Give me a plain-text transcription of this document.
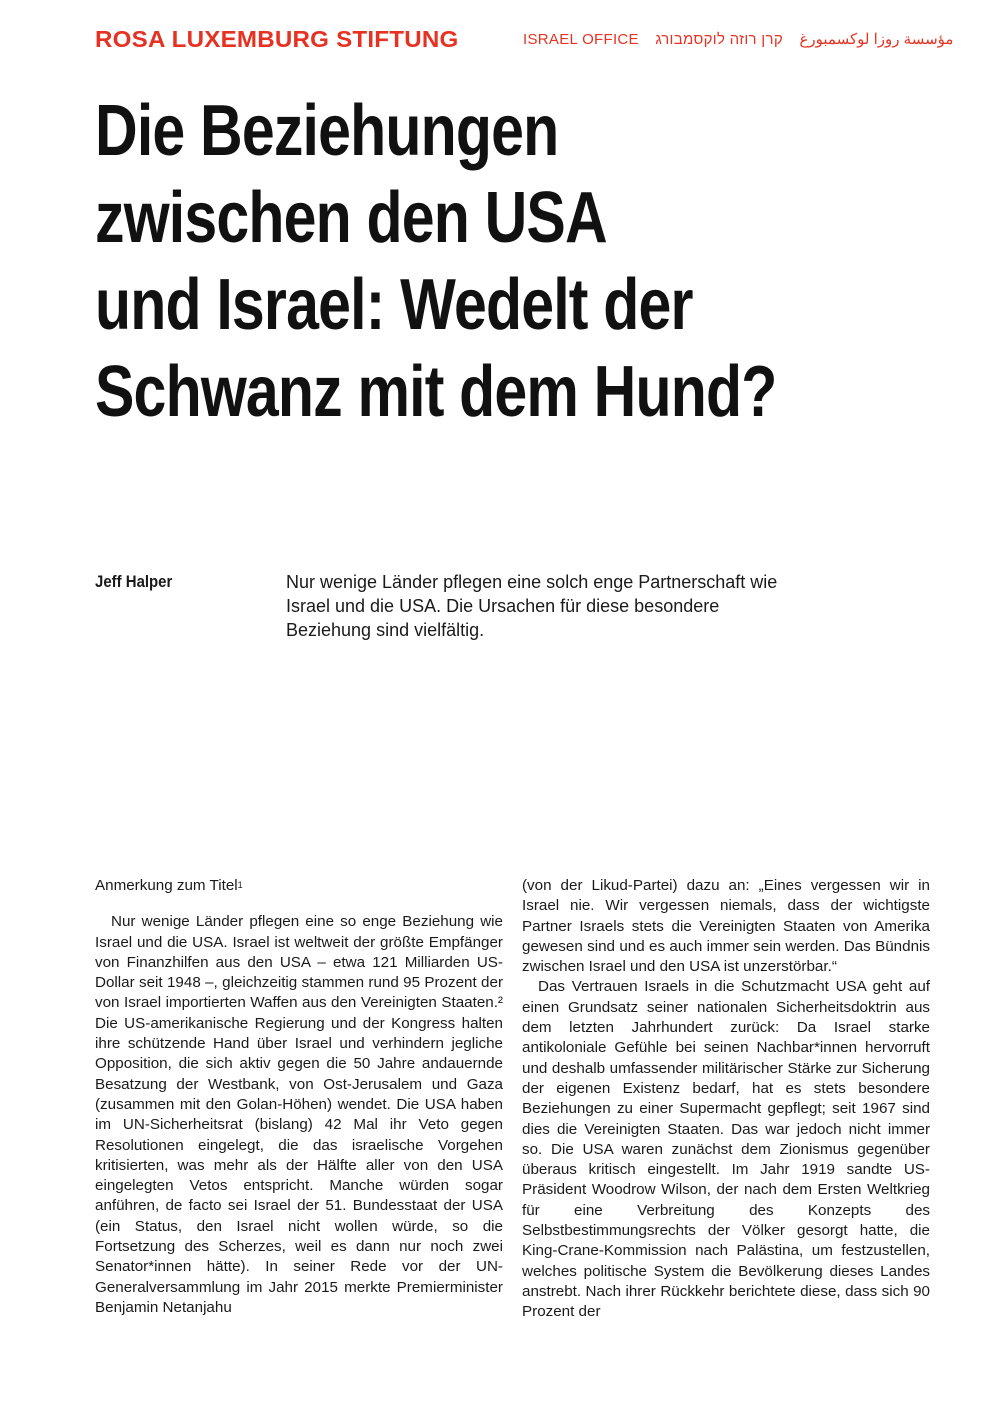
ROSA LUXEMBURG STIFTUNG	ISRAEL OFFICE קרן רוזה לוקסמבורג مؤسسة روزا لوكسمبورغ
Die Beziehungen
zwischen den USA
und Israel: Wedelt der
Schwanz mit dem Hund?
Jeff Halper	Nur wenige Länder pflegen eine solch enge Partnerschaft wie Israel und die USA. Die Ursachen für diese besondere Beziehung sind vielfältig.

Anmerkung zum Titel$^1$

Nur wenige Länder pflegen eine so enge Beziehung wie Israel und die USA. Israel ist weltweit der größte Empfänger von Finanzhilfen aus den USA – etwa 121 Milliarden US-Dollar seit 1948 –, gleichzeitig stammen rund 95 Prozent der von Israel importierten Waffen aus den Vereinigten Staaten.² Die US-amerikanische Regierung und der Kongress halten ihre schützende Hand über Israel und verhindern jegliche Opposition, die sich aktiv gegen die 50 Jahre andauernde Besatzung der Westbank, von Ost-Jerusalem und Gaza (zusammen mit den Golan-Höhen) wendet. Die USA haben im UN-Sicherheitsrat (bislang) 42 Mal ihr Veto gegen Resolutionen eingelegt, die das israelische Vorgehen kritisierten, was mehr als der Hälfte aller von den USA eingelegten Vetos entspricht. Manche würden sogar anführen, de facto sei Israel der 51. Bundesstaat der USA (ein Status, den Israel nicht wollen würde, so die Fortsetzung des Scherzes, weil es dann nur noch zwei Senator*innen hätte). In seiner Rede vor der UN-Generalversammlung im Jahr 2015 merkte Premierminister Benjamin Netanjahu

(von der Likud-Partei) dazu an: „Eines vergessen wir in Israel nie. Wir vergessen niemals, dass der wichtigste Partner Israels stets die Vereinigten Staaten von Amerika gewesen sind und es auch immer sein werden. Das Bündnis zwischen Israel und den USA ist unzerstörbar.“

Das Vertrauen Israels in die Schutzmacht USA geht auf einen Grundsatz seiner nationalen Sicherheitsdoktrin aus dem letzten Jahrhundert zurück: Da Israel starke antikoloniale Gefühle bei seinen Nachbar*innen hervorruft und deshalb umfassender militärischer Stärke zur Sicherung der eigenen Existenz bedarf, hat es stets besondere Beziehungen zu einer Supermacht gepflegt; seit 1967 sind dies die Vereinigten Staaten. Das war jedoch nicht immer so. Die USA waren zunächst dem Zionismus gegenüber überaus kritisch eingestellt. Im Jahr 1919 sandte US-Präsident Woodrow Wilson, der nach dem Ersten Weltkrieg für eine Verbreitung des Konzepts des Selbstbestimmungsrechts der Völker gesorgt hatte, die King-Crane-Kommission nach Palästina, um festzustellen, welches politische System die Bevölkerung dieses Landes anstrebt. Nach ihrer Rückkehr berichtete diese, dass sich 90 Prozent der
